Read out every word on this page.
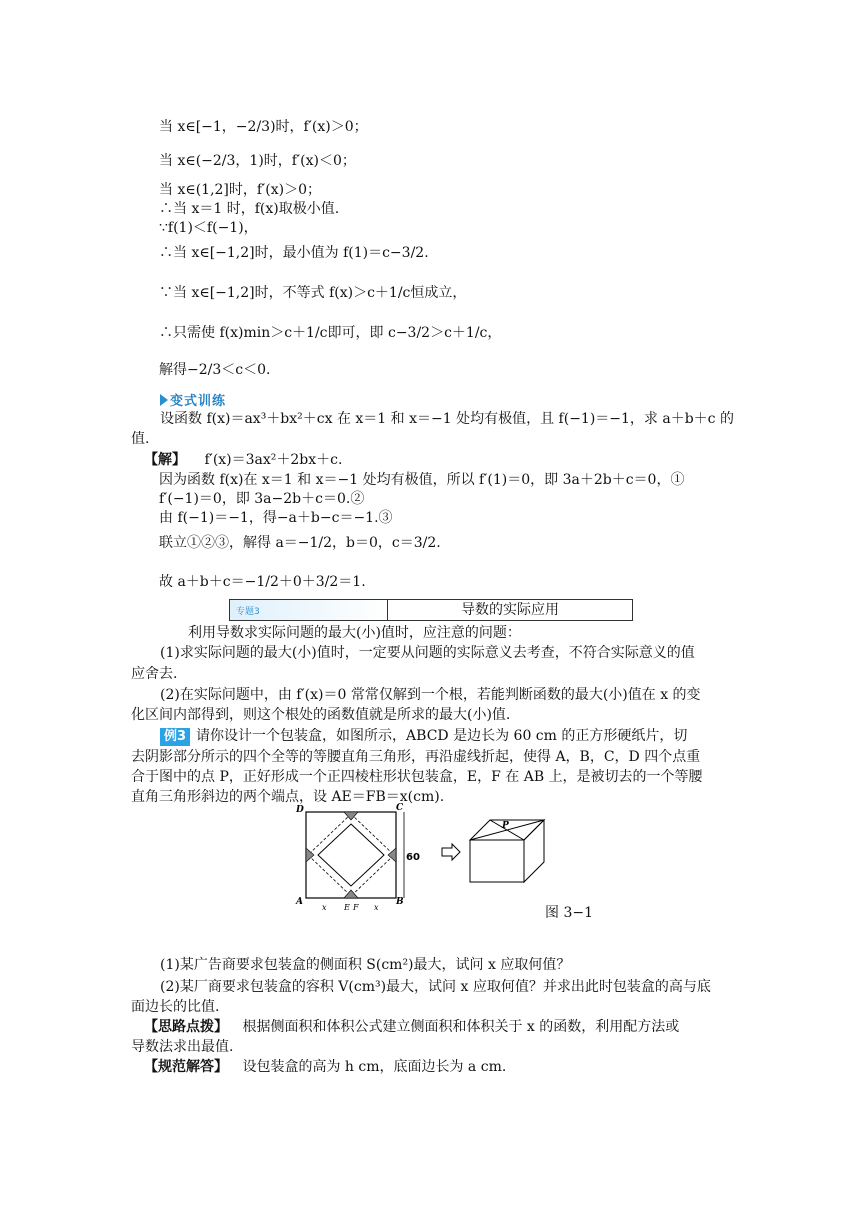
当 x∈[−1，−2/3)时，f′(x)＞0；
当 x∈(−2/3，1)时，f′(x)＜0；
当 x∈(1,2]时，f′(x)＞0；
∴当 x＝1 时，f(x)取极小值.
∵f(1)＜f(−1)，
∴当 x∈[−1,2]时，最小值为 f(1)＝c−3/2.
∵当 x∈[−1,2]时，不等式 f(x)＞c＋1/c恒成立，
∴只需使 f(x)min＞c＋1/c即可，即 c−3/2＞c＋1/c，
解得−2/3＜c＜0.
变式训练
设函数 f(x)＝ax³＋bx²＋cx 在 x＝1 和 x＝−1 处均有极值，且 f(−1)＝−1，求 a＋b＋c 的
值.
【解】 f′(x)＝3ax²＋2bx＋c.
因为函数 f(x)在 x＝1 和 x＝−1 处均有极值，所以 f′(1)＝0，即 3a＋2b＋c＝0，①
f′(−1)＝0，即 3a−2b＋c＝0.②
由 f(−1)＝−1，得−a＋b−c＝−1.③
联立①②③，解得 a＝−1/2，b＝0，c＝3/2.
故 a＋b＋c＝−1/2＋0＋3/2＝1.
专题3	导数的实际应用
利用导数求实际问题的最大(小)值时，应注意的问题：
(1)求实际问题的最大(小)值时，一定要从问题的实际意义去考查，不符合实际意义的值
应舍去.
(2)在实际问题中，由 f′(x)＝0 常常仅解到一个根，若能判断函数的最大(小)值在 x 的变
化区间内部得到，则这个根处的函数值就是所求的最大(小)值.
例3 请你设计一个包装盒，如图所示，ABCD 是边长为 60 cm 的正方形硬纸片，切
去阴影部分所示的四个全等的等腰直角三角形，再沿虚线折起，使得 A，B，C，D 四个点重
合于图中的点 P，正好形成一个正四棱柱形状包装盒，E，F 在 AB 上，是被切去的一个等腰
直角三角形斜边的两个端点，设 AE＝FB＝x(cm).
60
D	C
A	B
x E F x
P
图 3−1
(1)某广告商要求包装盒的侧面积 S(cm²)最大，试问 x 应取何值？
(2)某厂商要求包装盒的容积 V(cm³)最大，试问 x 应取何值？并求出此时包装盒的高与底
面边长的比值.
【思路点拨】 根据侧面积和体积公式建立侧面积和体积关于 x 的函数，利用配方法或
导数法求出最值.
【规范解答】 设包装盒的高为 h cm，底面边长为 a cm.
